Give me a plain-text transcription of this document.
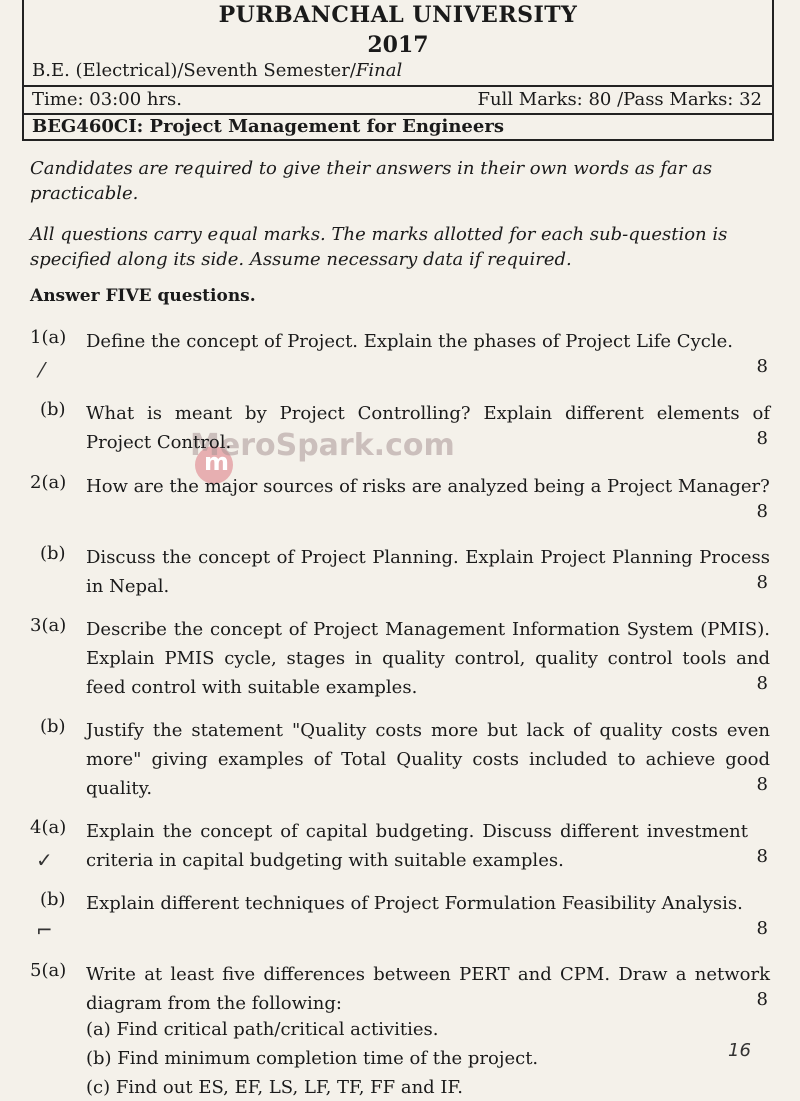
PURBANCHAL UNIVERSITY
2017
B.E. (Electrical)/Seventh Semester/Final
Time: 03:00 hrs.	Full Marks: 80 /Pass Marks: 32
BEG460CI: Project Management for Engineers
Candidates are required to give their answers in their own words as far as practicable.
All questions carry equal marks. The marks allotted for each sub-question is specified along its side. Assume necessary data if required.
Answer FIVE questions.
m
MeroSpark.com
1(a) Define the concept of Project. Explain the phases of Project Life Cycle.
8
(b) What is meant by Project Controlling? Explain different elements of Project Control.	8
2(a) How are the major sources of risks are analyzed being a Project Manager?
8
(b) Discuss the concept of Project Planning. Explain Project Planning Process in Nepal.	8
3(a) Describe the concept of Project Management Information System (PMIS). Explain PMIS cycle, stages in quality control, quality control tools and feed control with suitable examples.	8
(b) Justify the statement "Quality costs more but lack of quality costs even more" giving examples of Total Quality costs included to achieve good quality.	8
4(a) Explain the concept of capital budgeting. Discuss different investment criteria in capital budgeting with suitable examples.	8
(b) Explain different techniques of Project Formulation Feasibility Analysis.
8
5(a) Write at least five differences between PERT and CPM. Draw a network diagram from the following:	8
(a) Find critical path/critical activities.
(b) Find minimum completion time of the project.
(c) Find out ES, EF, LS, LF, TF, FF and IF.
16
⁄
✓
⌐
